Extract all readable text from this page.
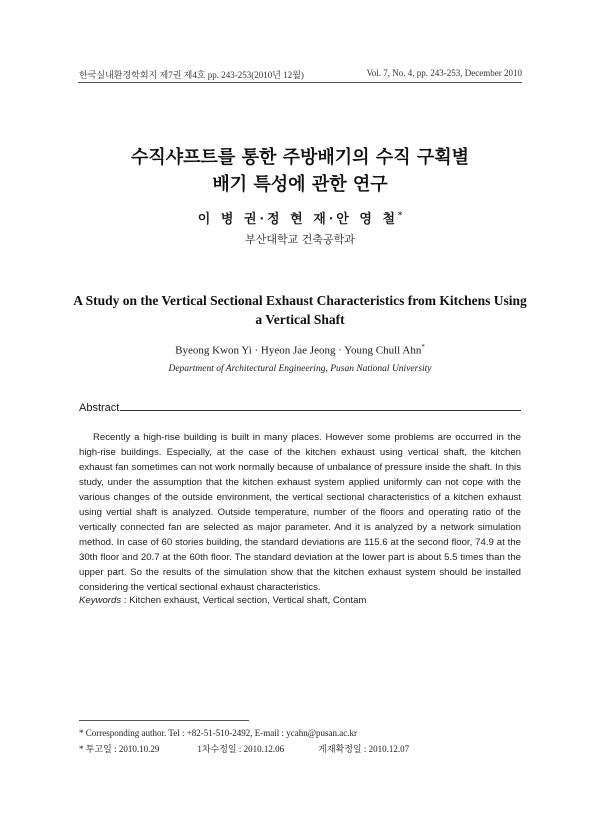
한국실내환경학회지 제7권 제4호 pp. 243-253(2010년 12월)	Vol. 7, No. 4, pp. 243-253, December 2010
수직샤프트를 통한 주방배기의 수직 구획별
배기 특성에 관한 연구
이 병 권·정 현 재·안 영 철*
부산대학교 건축공학과
A Study on the Vertical Sectional Exhaust Characteristics from Kitchens Using
a Vertical Shaft
Byeong Kwon Yi · Hyeon Jae Jeong · Young Chull Ahn*
Department of Architectural Engineering, Pusan National University
Abstract
Recently a high-rise building is built in many places. However some problems are occurred in the high-rise buildings. Especially, at the case of the kitchen exhaust using vertical shaft, the kitchen exhaust fan sometimes can not work normally because of unbalance of pressure inside the shaft. In this study, under the assumption that the kitchen exhaust system applied uniformly can not cope with the various changes of the outside environment, the vertical sectional characteristics of a kitchen exhaust using vertial shaft is analyzed. Outside temperature, number of the floors and operating ratio of the vertically connected fan are selected as major parameter. And it is analyzed by a network simulation method. In case of 60 stories building, the standard deviations are 115.6 at the second floor, 74.9 at the 30th floor and 20.7 at the 60th floor. The standard deviation at the lower part is about 5.5 times than the upper part. So the results of the simulation show that the kitchen exhaust system should be installed considering the vertical sectional exhaust characteristics.
Keywords : Kitchen exhaust, Vertical section, Vertical shaft, Contam
* Corresponding author. Tel : +82-51-510-2492, E-mail : ycahn@pusan.ac.kr
* 투고일 : 2010.10.29	1차수정일 : 2010.12.06	게재확정일 : 2010.12.07
